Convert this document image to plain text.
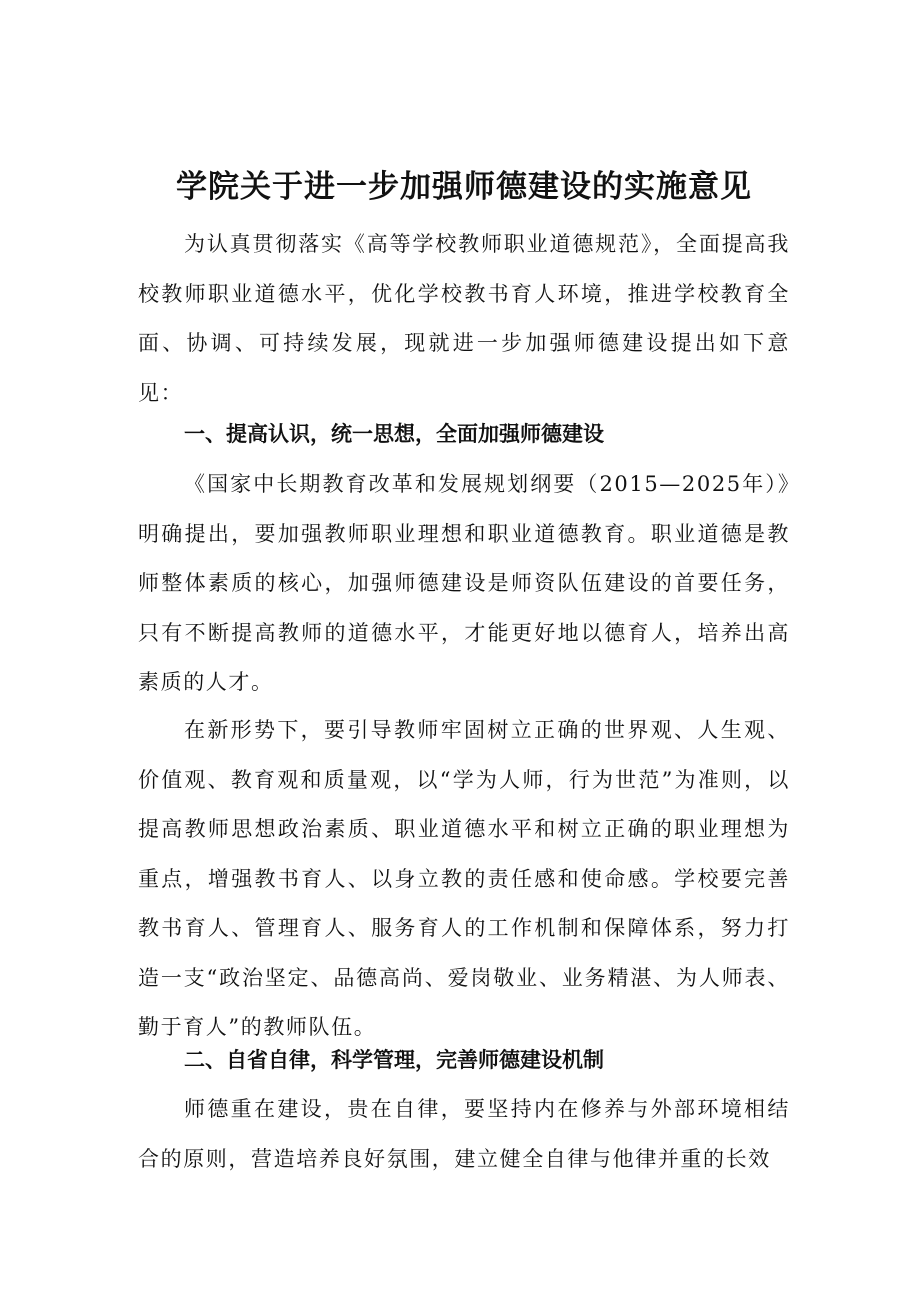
学院关于进一步加强师德建设的实施意见

为认真贯彻落实《高等学校教师职业道德规范》，全面提高我校教师职业道德水平，优化学校教书育人环境，推进学校教育全面、协调、可持续发展，现就进一步加强师德建设提出如下意见：

一、提高认识，统一思想，全面加强师德建设

《国家中长期教育改革和发展规划纲要（2015—2025年）》明确提出，要加强教师职业理想和职业道德教育。职业道德是教师整体素质的核心，加强师德建设是师资队伍建设的首要任务，只有不断提高教师的道德水平，才能更好地以德育人，培养出高素质的人才。

在新形势下，要引导教师牢固树立正确的世界观、人生观、价值观、教育观和质量观，以“学为人师，行为世范”为准则，以提高教师思想政治素质、职业道德水平和树立正确的职业理想为重点，增强教书育人、以身立教的责任感和使命感。学校要完善教书育人、管理育人、服务育人的工作机制和保障体系，努力打造一支“政治坚定、品德高尚、爱岗敬业、业务精湛、为人师表、勤于育人”的教师队伍。

二、自省自律，科学管理，完善师德建设机制

师德重在建设，贵在自律，要坚持内在修养与外部环境相结合的原则，营造培养良好氛围，建立健全自律与他律并重的长效
